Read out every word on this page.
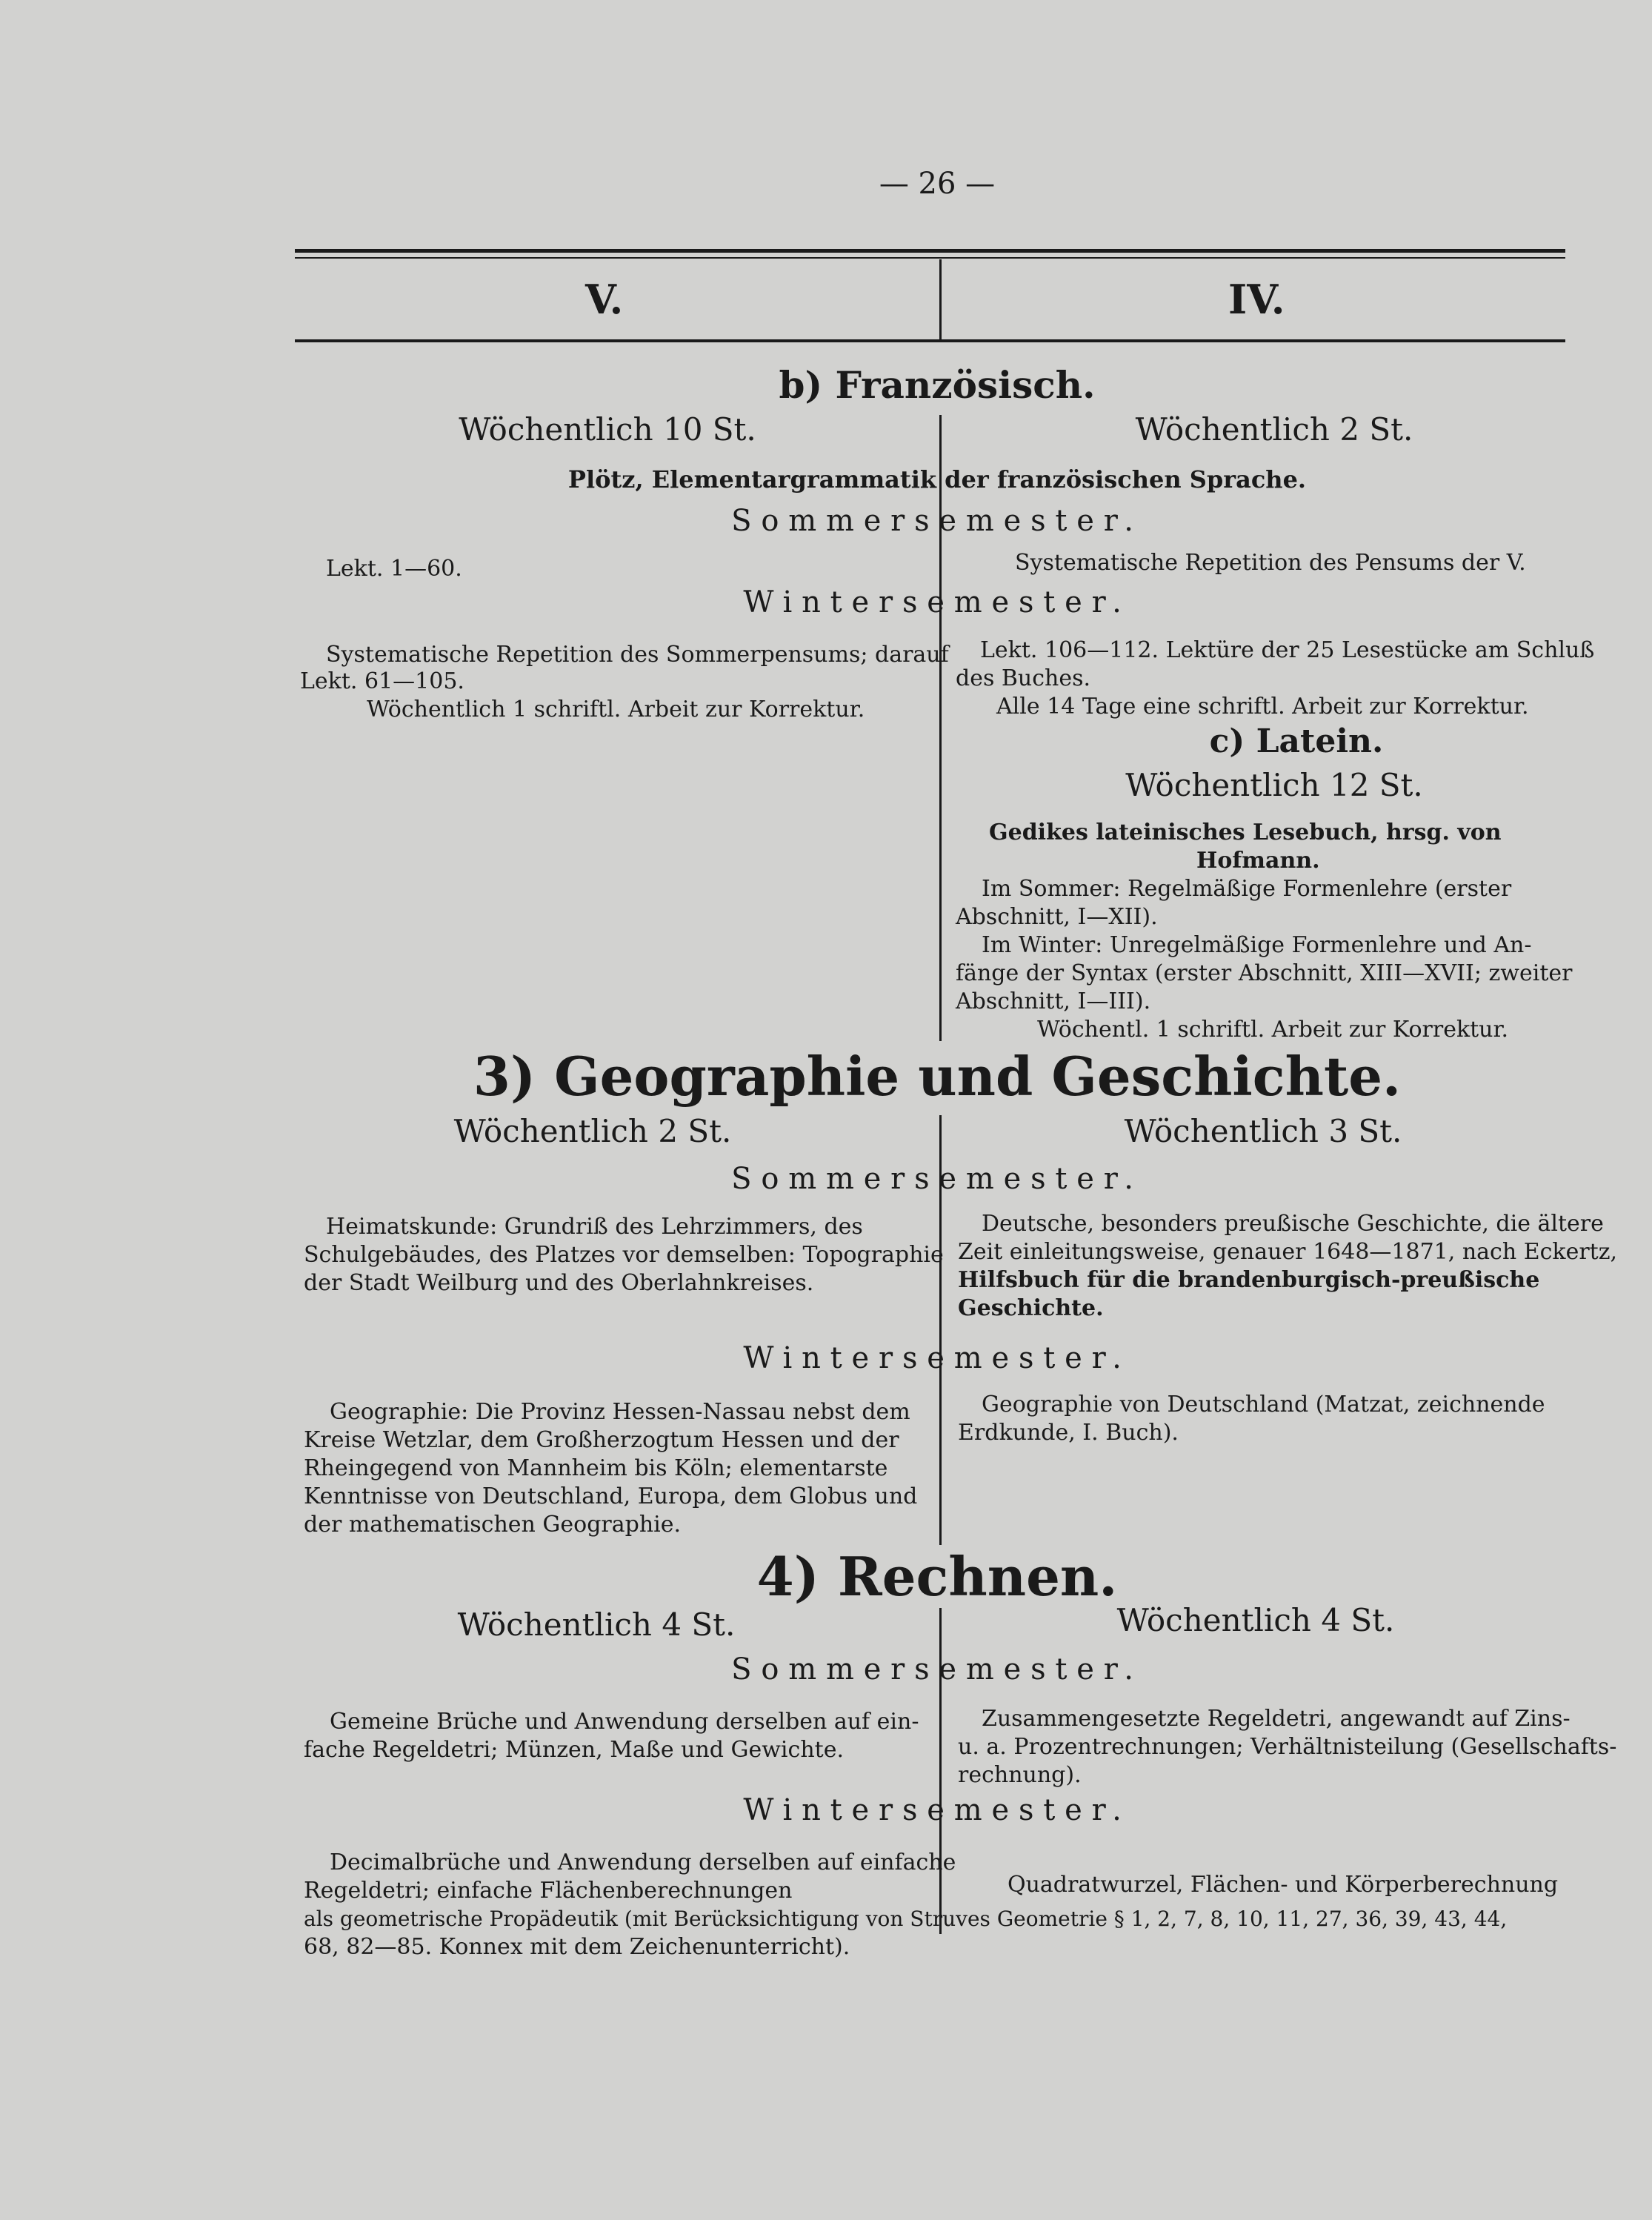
— 26 —
V.	IV.
b) Französisch.
Wöchentlich 10 St.	Wöchentlich 2 St.
Plötz, Elementargrammatik der französischen Sprache.
Sommersemester.
Lekt. 1—60.	Systematische Repetition des Pensums der V.
Wintersemester.
Systematische Repetition des Sommerpensums; darauf
Lekt. 61—105.
Wöchentlich 1 schriftl. Arbeit zur Korrektur.
Lekt. 106—112. Lektüre der 25 Lesestücke am Schluß
des Buches.
Alle 14 Tage eine schriftl. Arbeit zur Korrektur.
c) Latein.
Wöchentlich 12 St.
Gedikes lateinisches Lesebuch, hrsg. von
Hofmann.
Im Sommer: Regelmäßige Formenlehre (erster
Abschnitt, I—XII).
Im Winter: Unregelmäßige Formenlehre und An-
fänge der Syntax (erster Abschnitt, XIII—XVII; zweiter
Abschnitt, I—III).
Wöchentl. 1 schriftl. Arbeit zur Korrektur.
3) Geographie und Geschichte.
Wöchentlich 2 St.	Wöchentlich 3 St.
Sommersemester.
Heimatskunde: Grundriß des Lehrzimmers, des
Schulgebäudes, des Platzes vor demselben: Topographie
der Stadt Weilburg und des Oberlahnkreises.
Deutsche, besonders preußische Geschichte, die ältere
Zeit einleitungsweise, genauer 1648—1871, nach Eckertz,
Hilfsbuch für die brandenburgisch-preußische
Geschichte.
Wintersemester.
Geographie: Die Provinz Hessen-Nassau nebst dem
Kreise Wetzlar, dem Großherzogtum Hessen und der
Rheingegend von Mannheim bis Köln; elementarste
Kenntnisse von Deutschland, Europa, dem Globus und
der mathematischen Geographie.
Geographie von Deutschland (Matzat, zeichnende
Erdkunde, I. Buch).
4) Rechnen.
Wöchentlich 4 St.	Wöchentlich 4 St.
Sommersemester.
Gemeine Brüche und Anwendung derselben auf ein-
fache Regeldetri; Münzen, Maße und Gewichte.
Zusammengesetzte Regeldetri, angewandt auf Zins-
u. a. Prozentrechnungen; Verhältnisteilung (Gesellschafts-
rechnung).
Wintersemester.
Decimalbrüche und Anwendung derselben auf einfache
Regeldetri; einfache Flächenberechnungen	Quadratwurzel, Flächen- und Körperberechnung
als geometrische Propädeutik (mit Berücksichtigung von Struves Geometrie § 1, 2, 7, 8, 10, 11, 27, 36, 39, 43, 44,
68, 82—85. Konnex mit dem Zeichenunterricht).
